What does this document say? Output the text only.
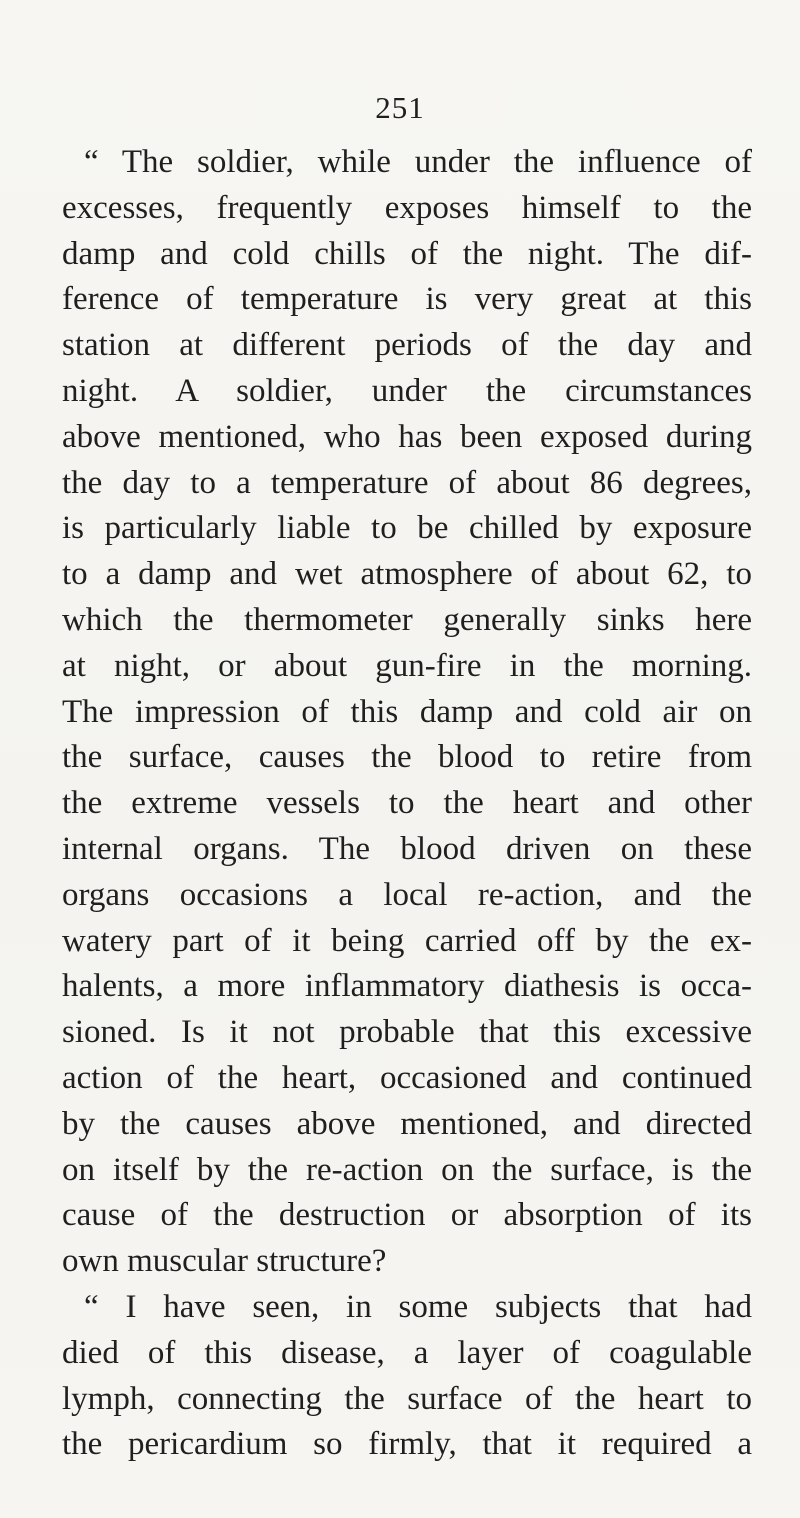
251
“ The soldier, while under the influence of
excesses, frequently exposes himself to the
damp and cold chills of the night. The dif-
ference of temperature is very great at this
station at different periods of the day and
night. A soldier, under the circumstances
above mentioned, who has been exposed during
the day to a temperature of about 86 degrees,
is particularly liable to be chilled by exposure
to a damp and wet atmosphere of about 62, to
which the thermometer generally sinks here
at night, or about gun-fire in the morning.
The impression of this damp and cold air on
the surface, causes the blood to retire from
the extreme vessels to the heart and other
internal organs. The blood driven on these
organs occasions a local re-action, and the
watery part of it being carried off by the ex-
halents, a more inflammatory diathesis is occa-
sioned. Is it not probable that this excessive
action of the heart, occasioned and continued
by the causes above mentioned, and directed
on itself by the re-action on the surface, is the
cause of the destruction or absorption of its
own muscular structure?
“ I have seen, in some subjects that had
died of this disease, a layer of coagulable
lymph, connecting the surface of the heart to
the pericardium so firmly, that it required a
